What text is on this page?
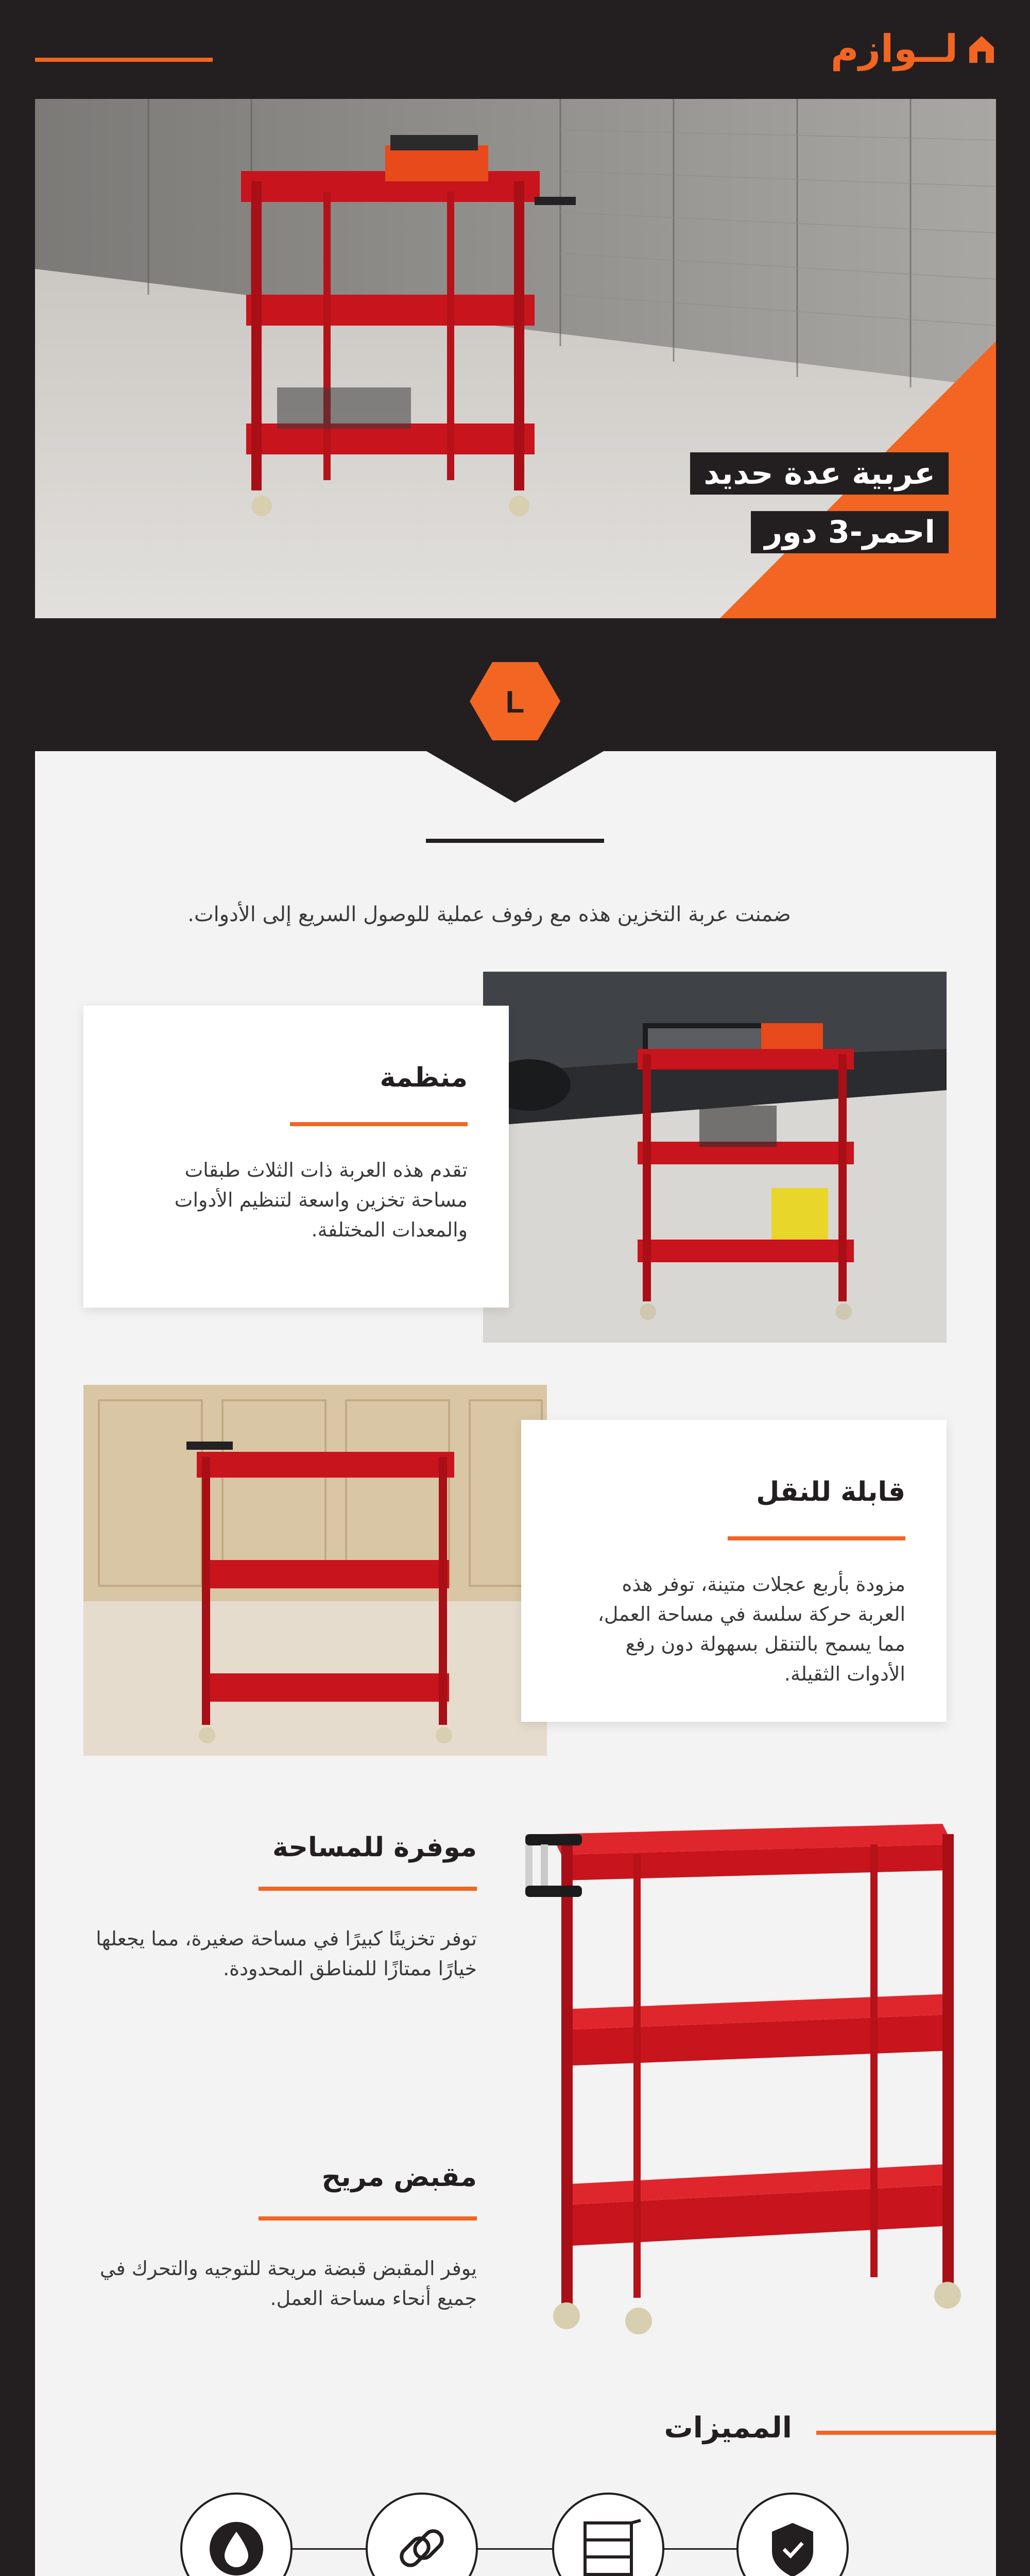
لــوازم
عربية عدة حديد
احمر-3 دور
L
ضمنت عربة التخزين هذه مع رفوف عملية للوصول السريع إلى الأدوات.
منظمة
تقدم هذه العربة ذات الثلاث طبقات مساحة تخزين واسعة لتنظيم الأدوات والمعدات المختلفة.
قابلة للنقل
مزودة بأربع عجلات متينة، توفر هذه العربة حركة سلسة في مساحة العمل، مما يسمح بالتنقل بسهولة دون رفع الأدوات الثقيلة.
موفرة للمساحة
توفر تخزينًا كبيرًا في مساحة صغيرة، مما يجعلها خيارًا ممتازًا للمناطق المحدودة.
مقبض مريح
يوفر المقبض قبضة مريحة للتوجيه والتحرك في جميع أنحاء مساحة العمل.
المميزات
